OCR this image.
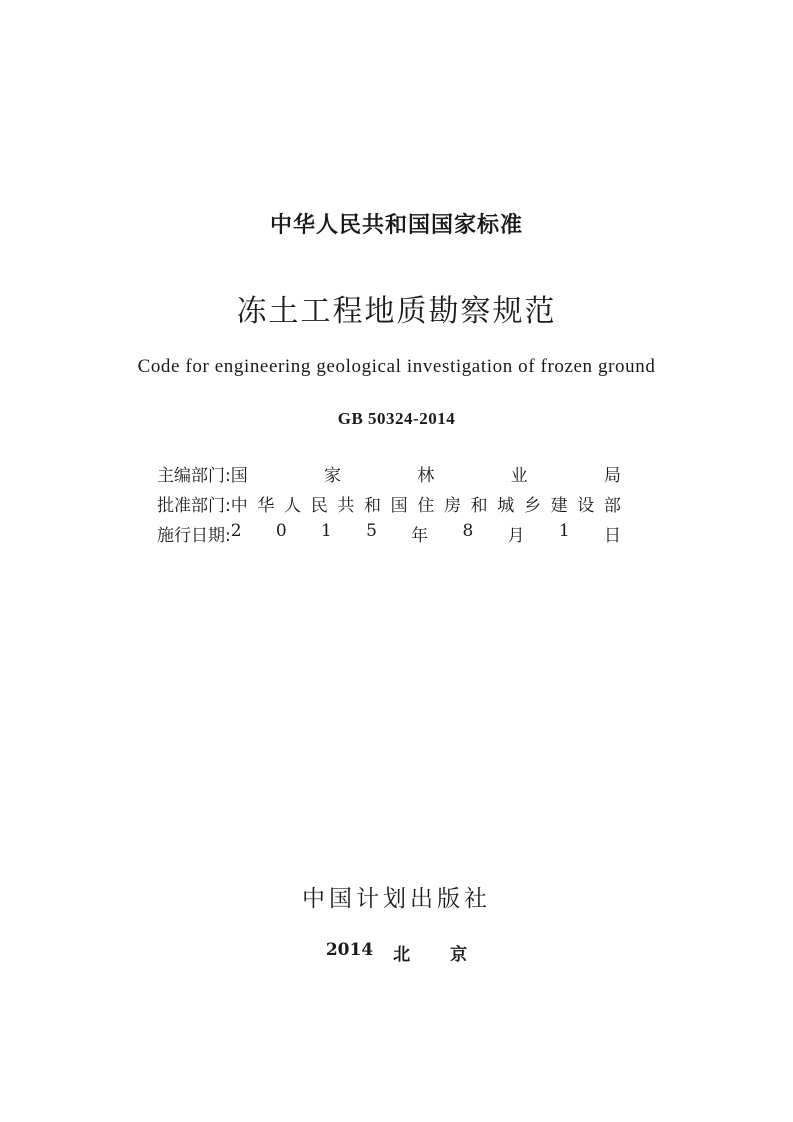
中华人民共和国国家标准
冻土工程地质勘察规范
Code for engineering geological investigation of frozen ground
GB 50324-2014
主编部门: 国	家	林	业	局
批准部门: 中 华 人 民 共 和 国 住 房 和 城 乡 建 设 部
施行日期: 2 0 1 5 年 8 月 1 日
中国计划出版社
2014 北 京
